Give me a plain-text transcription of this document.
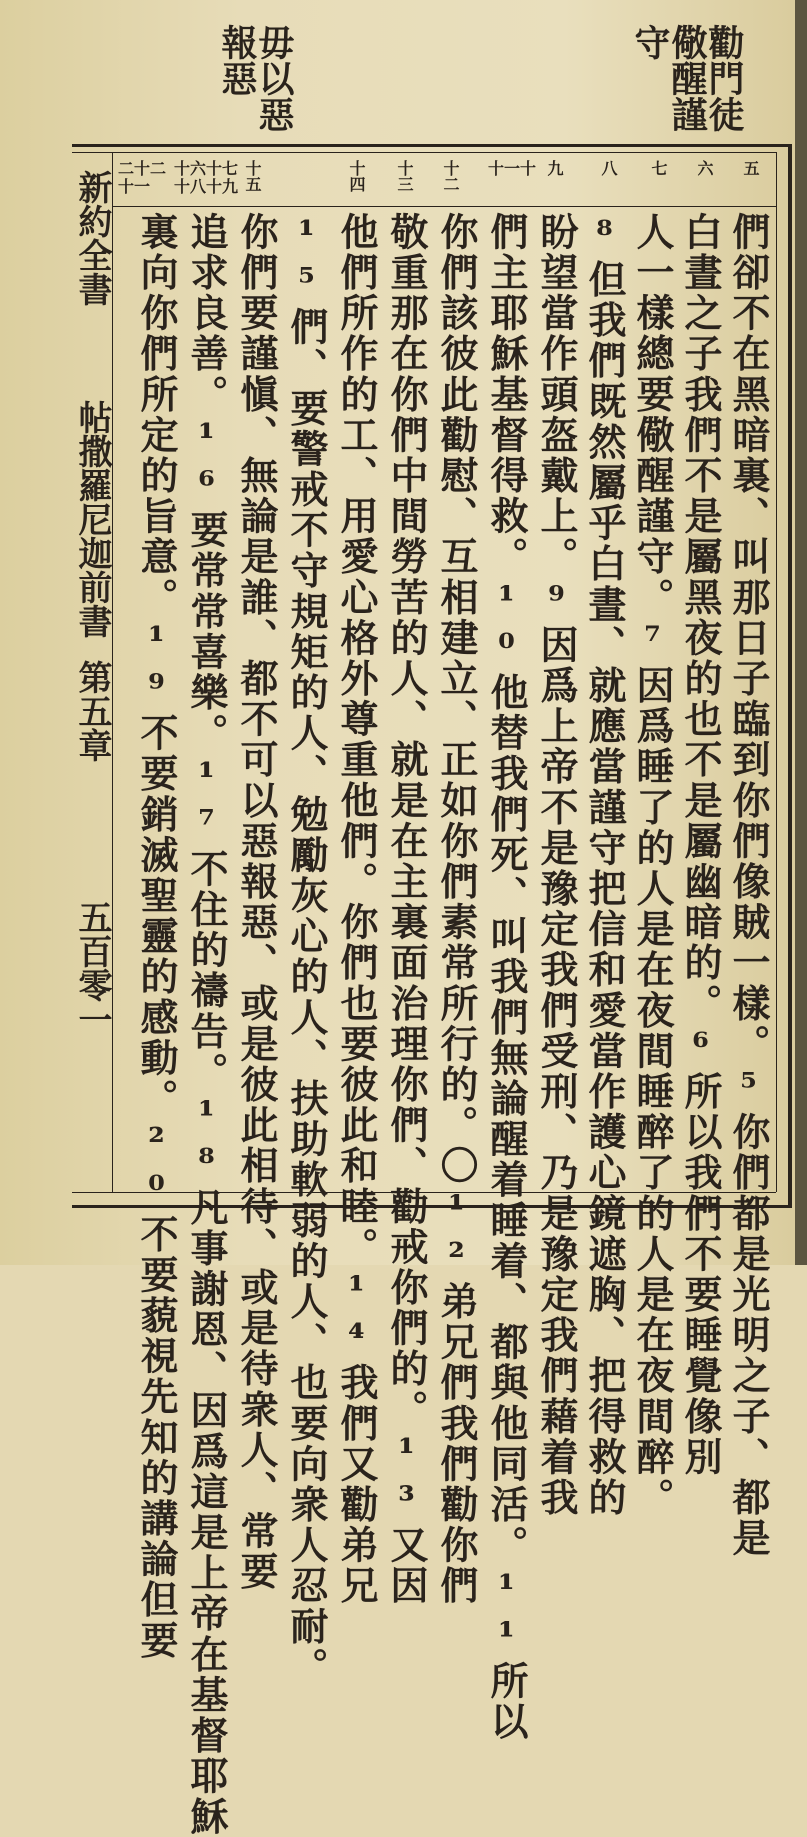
勸門徒
儆醒謹
守
毋以惡
報惡
五
六
七
八
九
十一十
十二
十三
十四
十五
十六十七十八十九
二十二十一
們卻不在黑暗裏、叫那日子臨到你們像賊一樣。⁵你們都是光明之子、都是
白晝之子我們不是屬黑夜的也不是屬幽暗的。⁶所以我們不要睡覺像別
人一樣總要儆醒謹守。⁷因爲睡了的人是在夜間睡醉了的人是在夜間醉。
⁸但我們既然屬乎白晝、就應當謹守把信和愛當作護心鏡遮胸、把得救的
盼望當作頭盔戴上。⁹因爲上帝不是豫定我們受刑、乃是豫定我們藉着我
們主耶穌基督得救。¹⁰他替我們死、叫我們無論醒着睡着、都與他同活。¹¹所以
你們該彼此勸慰、互相建立、正如你們素常所行的。〇¹²弟兄們我們勸你們
敬重那在你們中間勞苦的人、就是在主裏面治理你們、勸戒你們的。¹³又因
他們所作的工、用愛心格外尊重他們。你們也要彼此和睦。¹⁴我們又勸弟兄
¹⁵們、要警戒不守規矩的人、勉勵灰心的人、扶助軟弱的人、也要向衆人忍耐。
你們要謹愼、無論是誰、都不可以惡報惡、或是彼此相待、或是待衆人、常要
追求良善。¹⁶要常常喜樂。¹⁷不住的禱告。¹⁸凡事謝恩、因爲這是上帝在基督耶穌
裏向你們所定的旨意。¹⁹不要銷滅聖靈的感動。²⁰不要藐視先知的講論但要
新約全書
帖撒羅尼迦前書
第五章
五百零一
